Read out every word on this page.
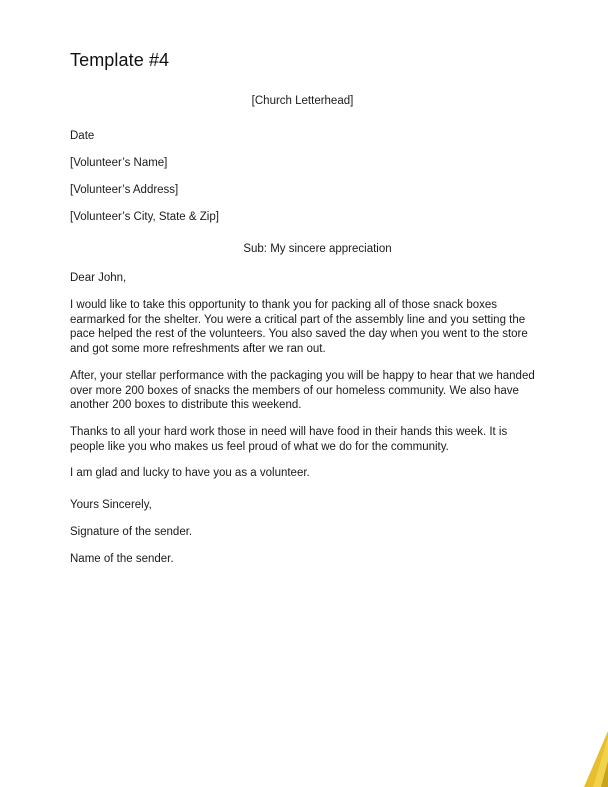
Template #4

[Church Letterhead]

Date

[Volunteer’s Name]

[Volunteer’s Address]

[Volunteer’s City, State & Zip]

Sub: My sincere appreciation

Dear John,

I would like to take this opportunity to thank you for packing all of those snack boxes earmarked for the shelter. You were a critical part of the assembly line and you setting the pace helped the rest of the volunteers. You also saved the day when you went to the store and got some more refreshments after we ran out.

After, your stellar performance with the packaging you will be happy to hear that we handed over more 200 boxes of snacks the members of our homeless community. We also have another 200 boxes to distribute this weekend.

Thanks to all your hard work those in need will have food in their hands this week. It is people like you who makes us feel proud of what we do for the community.

I am glad and lucky to have you as a volunteer.

Yours Sincerely,

Signature of the sender.

Name of the sender.
